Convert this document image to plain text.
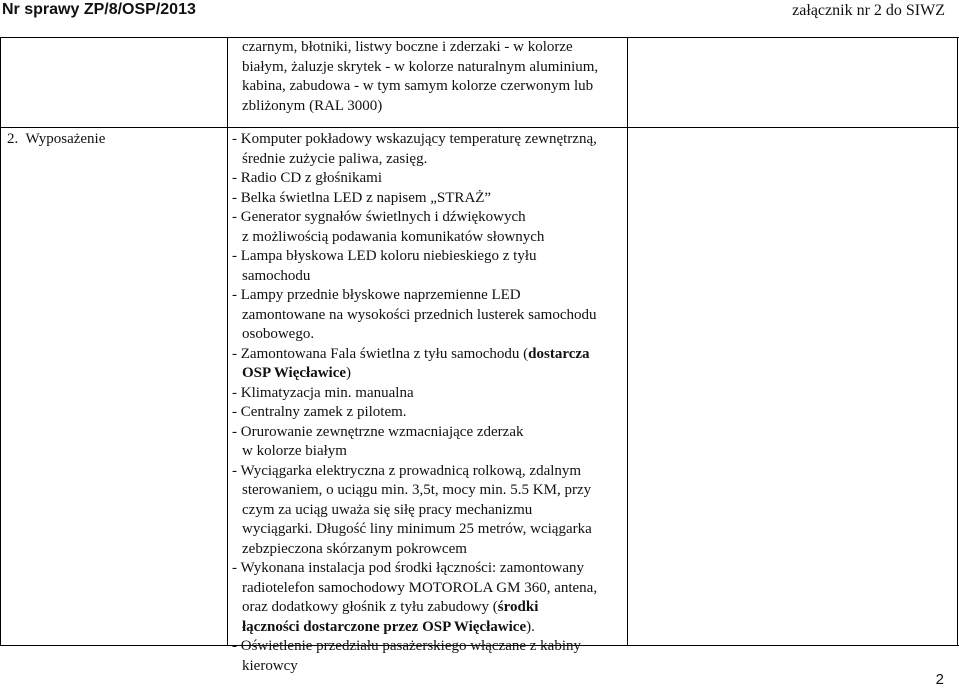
Nr sprawy ZP/8/OSP/2013	załącznik nr 2 do SIWZ

czarnym, błotniki, listwy boczne i zderzaki - w kolorze

białym, żaluzje skrytek - w kolorze naturalnym aluminium,

kabina, zabudowa - w tym samym kolorze czerwonym lub

zbliżonym (RAL 3000)

2.  Wyposażenie	- Komputer pokładowy wskazujący temperaturę zewnętrzną,

średnie zużycie paliwa, zasięg.

- Radio CD z głośnikami

- Belka świetlna LED z napisem „STRAŻ”

- Generator sygnałów świetlnych i dźwiękowych

z możliwością podawania komunikatów słownych

- Lampa błyskowa LED koloru niebieskiego z tyłu

samochodu

- Lampy przednie błyskowe naprzemienne LED

zamontowane na wysokości przednich lusterek samochodu

osobowego.

- Zamontowana Fala świetlna z tyłu samochodu (dostarcza

OSP Więcławice)

- Klimatyzacja min. manualna

- Centralny zamek z pilotem.

- Orurowanie zewnętrzne wzmacniające zderzak

w kolorze białym

- Wyciągarka elektryczna z prowadnicą rolkową, zdalnym

sterowaniem, o uciągu min. 3,5t, mocy min. 5.5 KM, przy

czym za uciąg uważa się siłę pracy mechanizmu

wyciągarki. Długość liny minimum 25 metrów, wciągarka

zebzpieczona skórzanym pokrowcem

- Wykonana instalacja pod środki łączności: zamontowany

radiotelefon samochodowy MOTOROLA GM 360, antena,

oraz dodatkowy głośnik z tyłu zabudowy (środki

łączności dostarczone przez OSP Więcławice).

- Oświetlenie przedziału pasażerskiego włączane z kabiny

kierowcy

2
